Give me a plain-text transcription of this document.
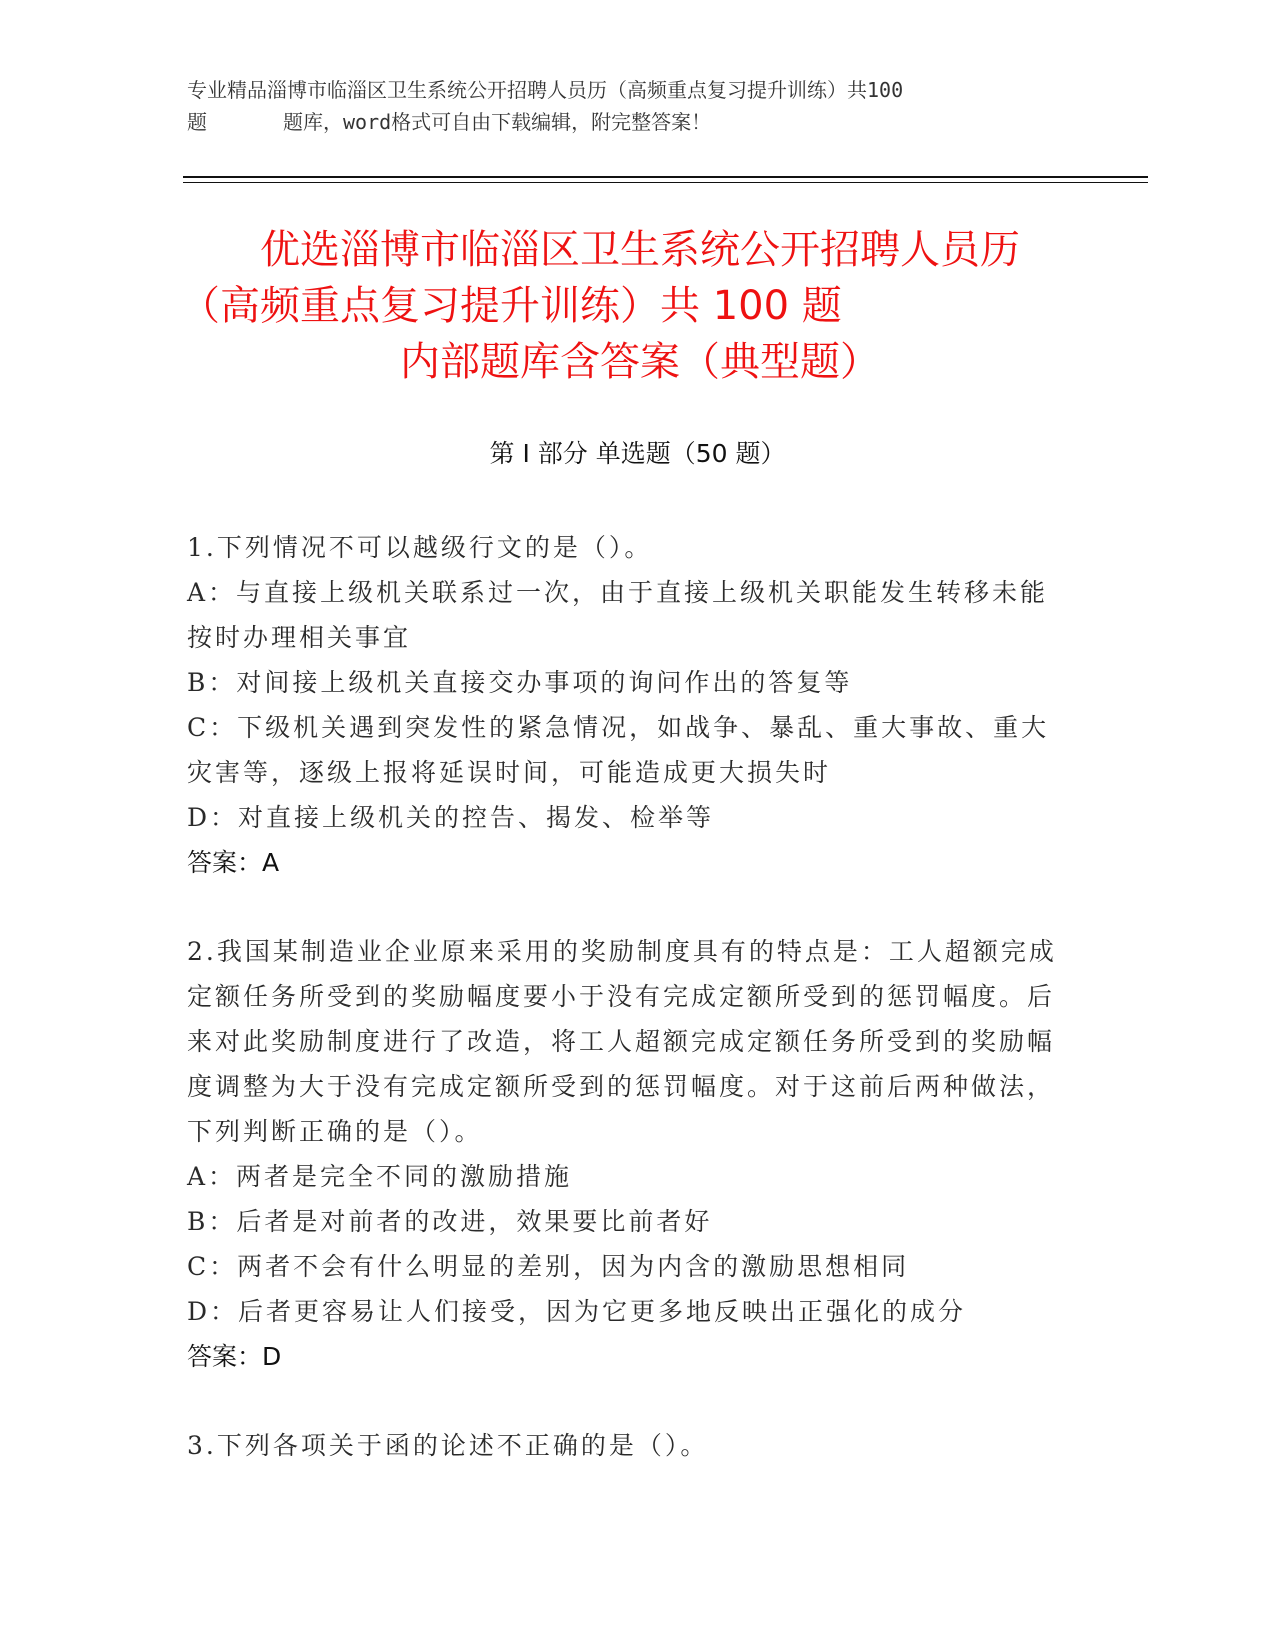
专业精品淄博市临淄区卫生系统公开招聘人员历（高频重点复习提升训练）共100
题	题库，word格式可自由下载编辑，附完整答案！
优选淄博市临淄区卫生系统公开招聘人员历
（高频重点复习提升训练）共 100 题
内部题库含答案（典型题）
第 I 部分 单选题（50 题）

1.下列情况不可以越级行文的是（）。

A：与直接上级机关联系过一次，由于直接上级机关职能发生转移未能按时办理相关事宜

B：对间接上级机关直接交办事项的询问作出的答复等

C：下级机关遇到突发性的紧急情况，如战争、暴乱、重大事故、重大灾害等，逐级上报将延误时间，可能造成更大损失时

D：对直接上级机关的控告、揭发、检举等

答案：A

2.我国某制造业企业原来采用的奖励制度具有的特点是：工人超额完成定额任务所受到的奖励幅度要小于没有完成定额所受到的惩罚幅度。后来对此奖励制度进行了改造，将工人超额完成定额任务所受到的奖励幅度调整为大于没有完成定额所受到的惩罚幅度。对于这前后两种做法，下列判断正确的是（）。

A：两者是完全不同的激励措施

B：后者是对前者的改进，效果要比前者好

C：两者不会有什么明显的差别，因为内含的激励思想相同

D：后者更容易让人们接受，因为它更多地反映出正强化的成分

答案：D

3.下列各项关于函的论述不正确的是（）。
